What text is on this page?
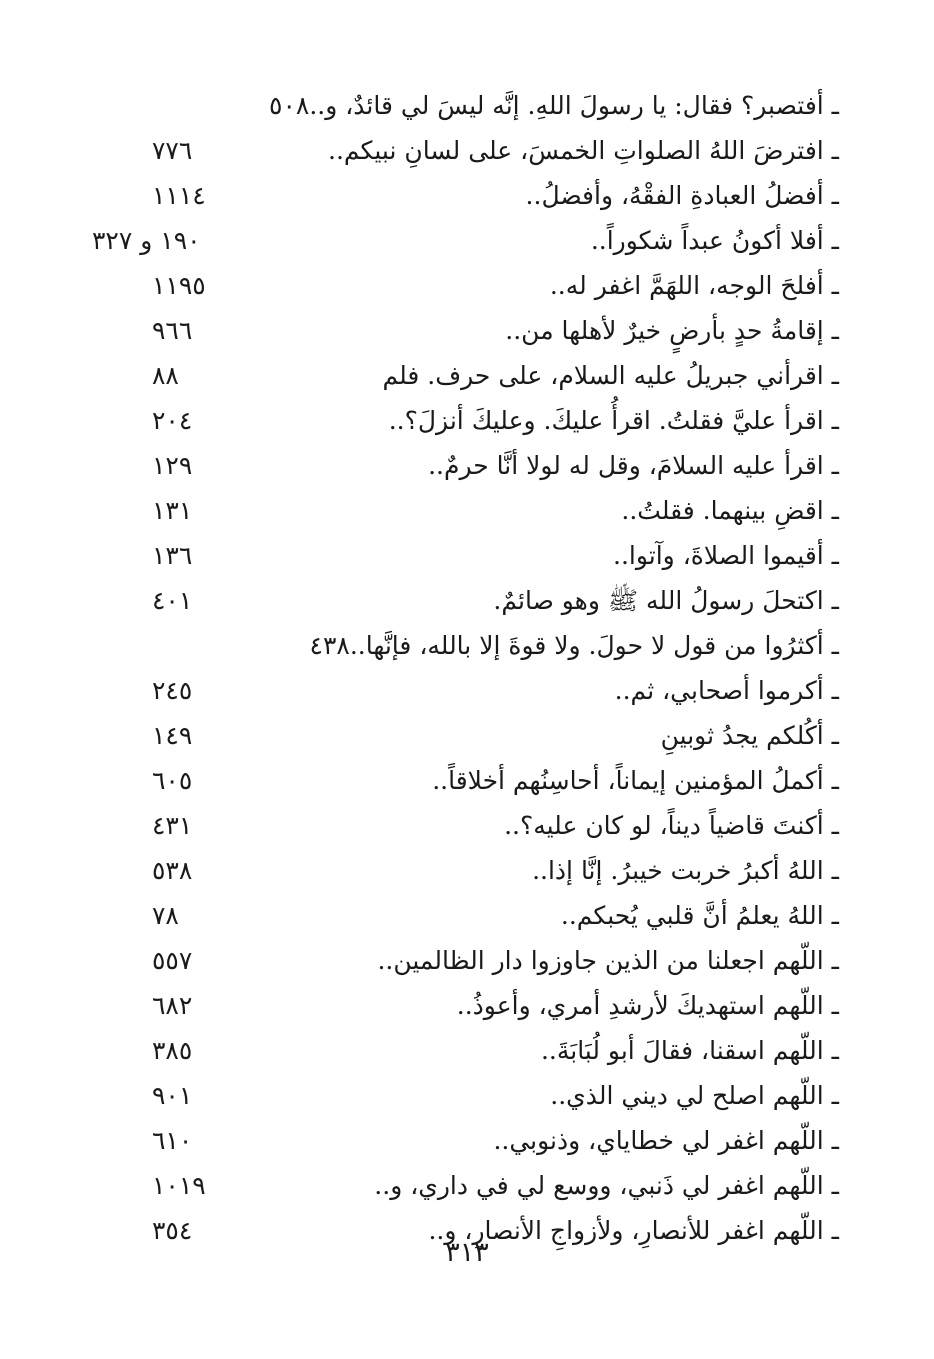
ـ أفتصبر؟ فقال: يا رسولَ اللهِ. إنَّه ليسَ لي قائدٌ، و..٥٠٨
ـ افترضَ اللهُ الصلواتِ الخمسَ، على لسانِ نبيكم..
٧٧٦
ـ أفضلُ العبادةِ الفقْهُ، وأفضلُ..
١١١٤
ـ أفلا أكونُ عبداً شكوراً..
١٩٠ و ٣٢٧
ـ أفلحَ الوجه، اللهَمَّ اغفر له..
١١٩٥
ـ إقامةُ حدٍ بأرضٍ خيرٌ لأهلها من..
٩٦٦
ـ اقرأني جبريلُ عليه السلام، على حرف. فلم
٨٨
ـ اقرأ عليَّ فقلتُ. اقرأُ عليكَ. وعليكَ أنزلَ؟..
٢٠٤
ـ اقرأ عليه السلامَ، وقل له لولا أنَّا حرمٌ..
١٢٩
ـ اقضِ بينهما. فقلتُ..
١٣١
ـ أقيموا الصلاةَ، وآتوا..
١٣٦
ـ اكتحلَ رسولُ الله ﷺ وهو صائمٌ.
٤٠١
ـ أكثرُوا من قول لا حولَ. ولا قوةَ إلا بالله، فإنَّها..٤٣٨
ـ أكرموا أصحابي، ثم..
٢٤٥
ـ أكُلكم يجدُ ثوبينِ
١٤٩
ـ أكملُ المؤمنين إيماناً، أحاسِنُهم أخلاقاً..
٦٠٥
ـ أكنتَ قاضياً ديناً، لو كان عليه؟..
٤٣١
ـ اللهُ أكبرُ خربت خيبرُ. إنَّا إذا..
٥٣٨
ـ اللهُ يعلمُ أنَّ قلبي يُحبكم..
٧٨
ـ اللّهم اجعلنا من الذين جاوزوا دار الظالمين..
٥٥٧
ـ اللّهم استهديكَ لأرشدِ أمري، وأعوذُ..
٦٨٢
ـ اللّهم اسقنا، فقالَ أبو لُبَابَةَ..
٣٨٥
ـ اللّهم اصلح لي ديني الذي..
٩٠١
ـ اللّهم اغفر لي خطاياي، وذنوبي..
٦١٠
ـ اللّهم اغفر لي ذَنبي، ووسع لي في داري، و..
١٠١٩
ـ اللّهم اغفر للأنصارِ، ولأزواجِ الأنصارِ، و..
٣٥٤
٣١٣
